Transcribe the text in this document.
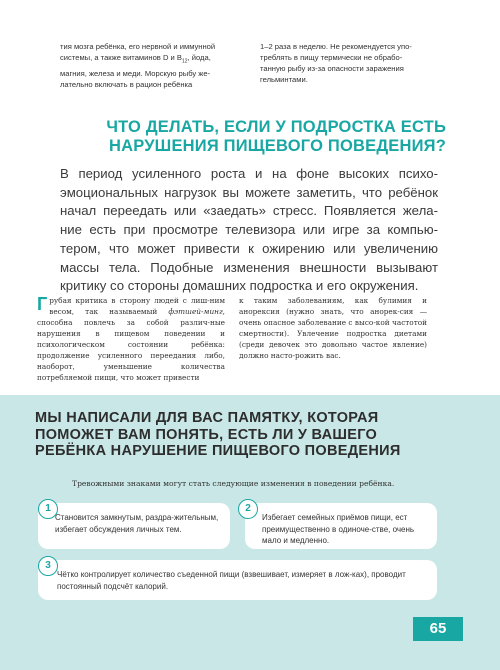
тия мозга ребёнка, его нервной и иммунной
системы, а также витаминов D и $B_{12}$, йода,
магния, железа и меди. Морскую рыбу же-
лательно включать в рацион ребёнка
1–2 раза в неделю. Не рекомендуется упо-
треблять в пищу термически не обрабо-
танную рыбу из-за опасности заражения
гельминтами.
ЧТО ДЕЛАТЬ, ЕСЛИ У ПОДРОСТКА ЕСТЬ
НАРУШЕНИЯ ПИЩЕВОГО ПОВЕДЕНИЯ?
В период усиленного роста и на фоне высоких психо-эмоциональных нагрузок вы можете заметить, что ребёнок начал переедать или «заедать» стресс. Появляется жела-ние есть при просмотре телевизора или игре за компью-тером, что может привести к ожирению или увеличению массы тела. Подобные изменения внешности вызывают критику со стороны домашних подростка и его окружения.
Грубая критика в сторону людей с лиш-ним весом, так называемый фэтшей-минг, способна повлечь за собой различ-ные нарушения в пищевом поведении и психологическом состоянии ребёнка: продолжение усиленного переедания либо, наоборот, уменьшение количества потребляемой пищи, что может привести
к таким заболеваниям, как булимия и анорексия (нужно знать, что анорек-сия — очень опасное заболевание с высо-кой частотой смертности). Увлечение подростка диетами (среди девочек это довольно частое явление) должно насто-рожить вас.
МЫ НАПИСАЛИ ДЛЯ ВАС ПАМЯТКУ, КОТОРАЯ
ПОМОЖЕТ ВАМ ПОНЯТЬ, ЕСТЬ ЛИ У ВАШЕГО
РЕБЁНКА НАРУШЕНИЕ ПИЩЕВОГО ПОВЕДЕНИЯ
Тревожными знаками могут стать следующие изменения в поведении ребёнка.
Становится замкнутым, раздра-жительным, избегает обсуждения личных тем.
1
Избегает семейных приёмов пищи, ест преимущественно в одиноче-стве, очень мало и медленно.
2
Чётко контролирует количество съеденной пищи (взвешивает, измеряет в лож-ках), проводит постоянный подсчёт калорий.
3
65
